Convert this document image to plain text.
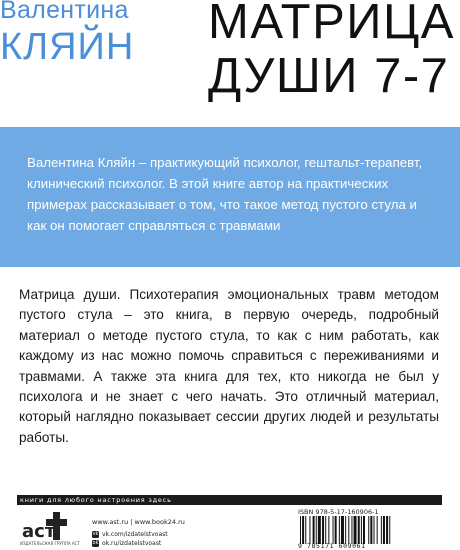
Валентина
КЛЯЙН МАТРИЦА
ДУШИ 7-7
Валентина Кляйн – практикующий психолог, гештальт-терапевт, клинический психолог. В этой книге автор на практических примерах рассказывает о том, что такое метод пустого стула и как он помогает справляться с травмами
Матрица души. Психотерапия эмоциональных травм методом пустого стула – это книга, в первую очередь, подробный материал о методе пустого стула, то как с ним работать, как каждому из нас можно помочь справиться с переживаниями и травмами. А также эта книга для тех, кто никогда не был у психолога и не знает с чего начать. Это отличный материал, который наглядно показывает сессии других людей и результаты работы.
книги для любого настроения здесь
аст
ИЗДАТЕЛЬСКАЯ ГРУППА АСТ
www.ast.ru | www.book24.ru
vk vk.com/izdatelstvoast
ok ok.ru/izdatelstvoast
ISBN 978-5-17-160906-1
9 785171 609061
